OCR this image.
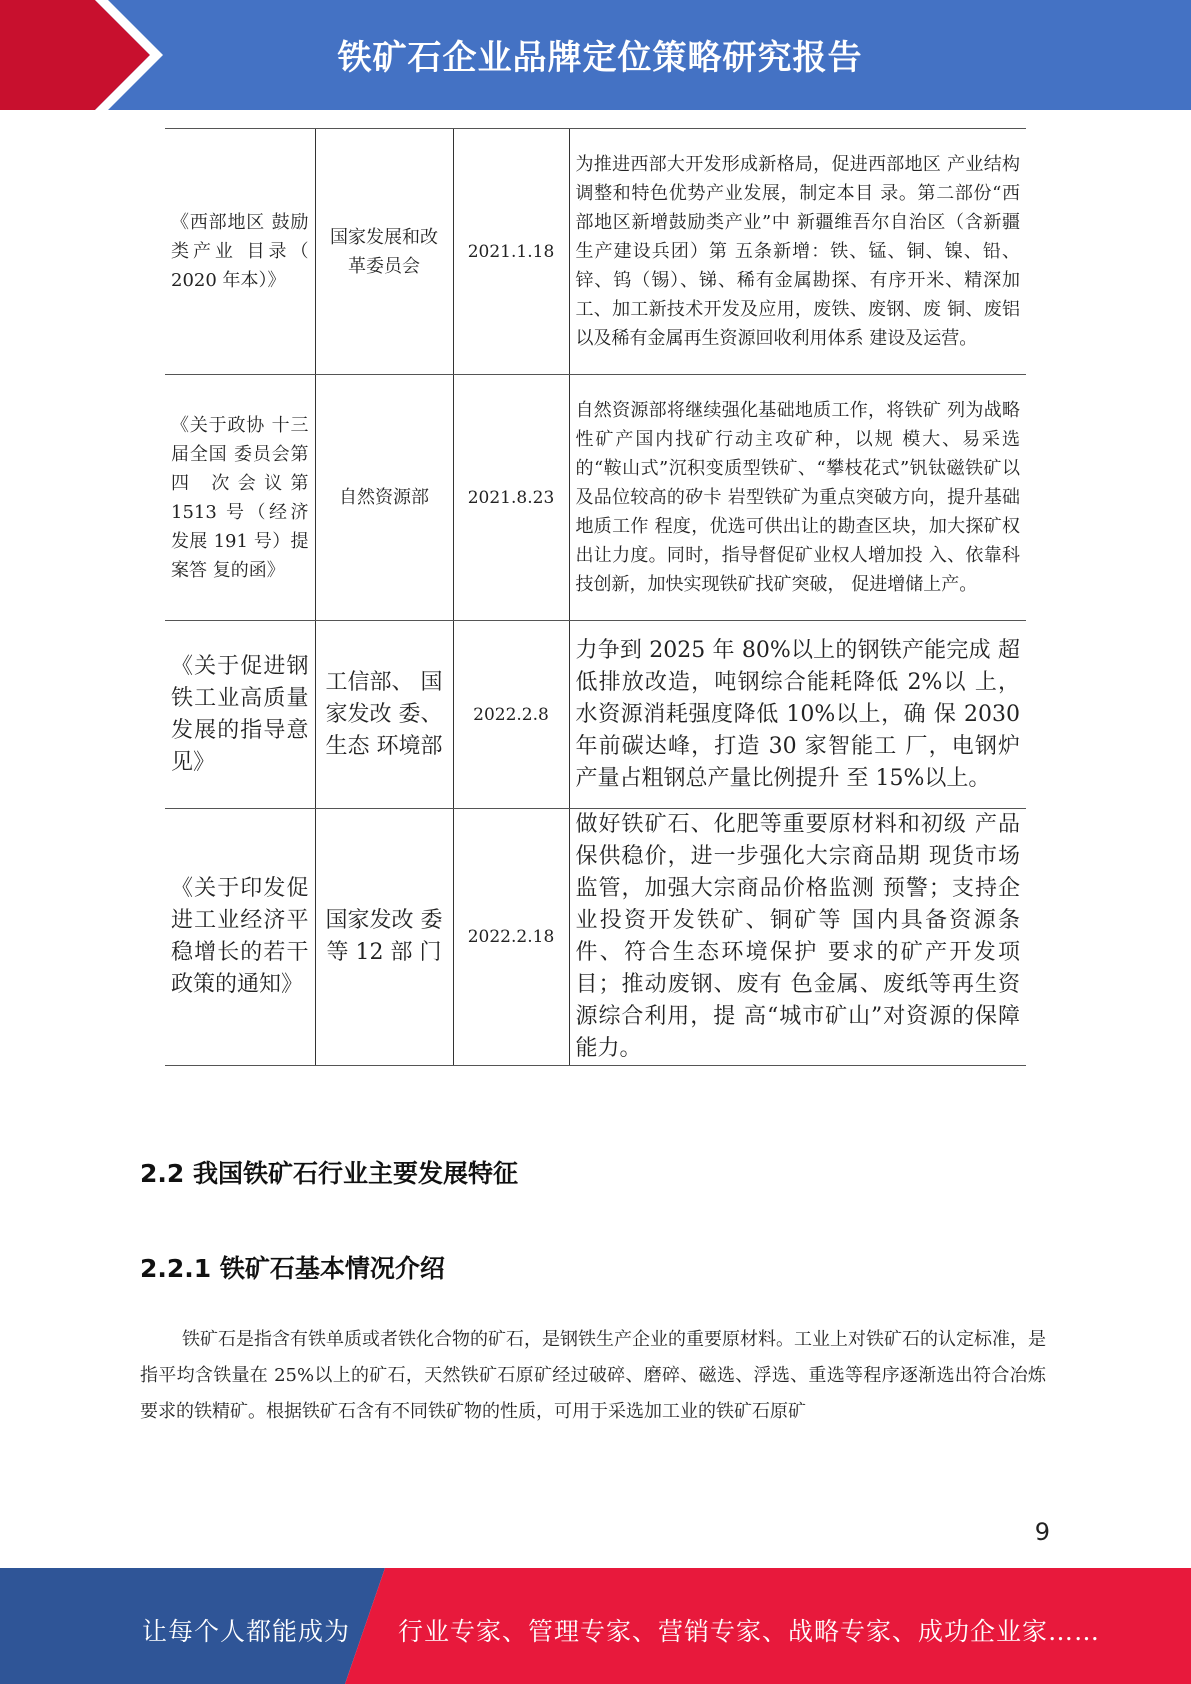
铁矿石企业品牌定位策略研究报告
《西部地区 鼓励类产业 目录（ 2020 年本）》	国家发展和改革委员会	2021.1.18	为推进西部大开发形成新格局，促进西部地区 产业结构调整和特色优势产业发展，制定本目 录。第二部份“西部地区新增鼓励类产业”中 新疆维吾尔自治区（含新疆生产建设兵团）第 五条新增：铁、锰、铜、镍、铅、锌、钨（锡）、锑、稀有金属勘探、有序开米、精深加 工、加工新技术开发及应用，废铁、废钢、废 铜、废铝以及稀有金属再生资源回收利用体系 建设及运营。
《关于政协 十三届全国 委员会第四 次会议第 1513 号（经济发展 191 号）提案答 复的函》	自然资源部	2021.8.23	自然资源部将继续强化基础地质工作，将铁矿 列为战略性矿产国内找矿行动主攻矿种，以规 模大、易采选的“鞍山式”沉积变质型铁矿、“攀枝花式”钒钛磁铁矿以及品位较高的矽卡 岩型铁矿为重点突破方向，提升基础地质工作 程度，优选可供出让的勘查区块，加大探矿权 出让力度。同时，指导督促矿业权人增加投 入、依靠科技创新，加快实现铁矿找矿突破， 促进增储上产。
《关于促进钢铁工业高质量发展的指导意见》	工信部、 国家发改 委、生态 环境部	2022.2.8	力争到 2025 年 80%以上的钢铁产能完成 超低排放改造，吨钢综合能耗降低 2%以 上，水资源消耗强度降低 10%以上，确 保 2030 年前碳达峰，打造 30 家智能工 厂，电钢炉产量占粗钢总产量比例提升 至 15%以上。
《关于印发促进工业经济平稳增长的若干政策的通知》	国家发改 委等 12 部 门	2022.2.18	做好铁矿石、化肥等重要原材料和初级 产品保供稳价，进一步强化大宗商品期 现货市场监管，加强大宗商品价格监测 预警；支持企业投资开发铁矿、铜矿等 国内具备资源条件、符合生态环境保护 要求的矿产开发项目；推动废钢、废有 色金属、废纸等再生资源综合利用，提 高“城市矿山”对资源的保障能力。
2.2 我国铁矿石行业主要发展特征
2.2.1 铁矿石基本情况介绍
铁矿石是指含有铁单质或者铁化合物的矿石，是钢铁生产企业的重要原材料。工业上对铁矿石的认定标准，是指平均含铁量在 25%以上的矿石，天然铁矿石原矿经过破碎、磨碎、磁选、浮选、重选等程序逐渐选出符合冶炼要求的铁精矿。根据铁矿石含有不同铁矿物的性质，可用于采选加工业的铁矿石原矿
9
让每个人都能成为 行业专家、管理专家、营销专家、战略专家、成功企业家……
